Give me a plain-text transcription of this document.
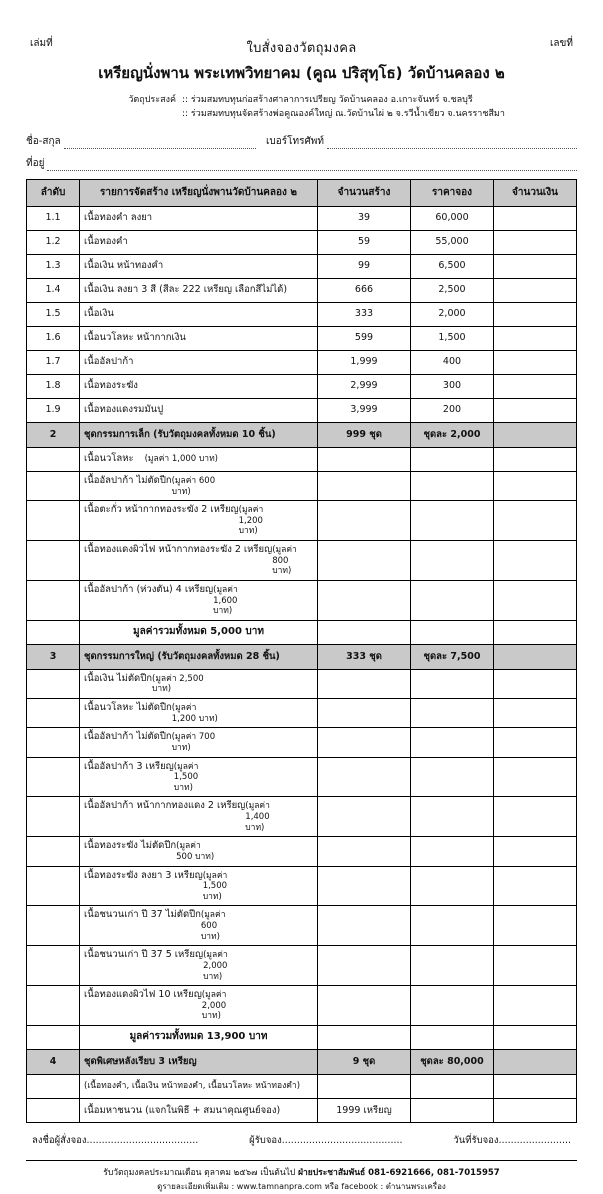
เล่มที่	เลขที่
ใบสั่งจองวัตถุมงคล
เหรียญนั่งพาน พระเทพวิทยาคม (คูณ ปริสุทฺโธ) วัดบ้านคลอง ๒
วัตถุประสงค์ :: ร่วมสมทบทุนก่อสร้างศาลาการเปรียญ วัดบ้านคลอง อ.เกาะจันทร์ จ.ชลบุรี
:: ร่วมสมทบทุนจัดสร้างพ่อคูณองค์ใหญ่ ณ.วัดบ้านไผ่ ๒ จ.รวีน้ำเขียว จ.นครราชสีมา
ชื่อ-สกุล	เบอร์โทรศัพท์
ที่อยู่
ลำดับ	รายการจัดสร้าง เหรียญนั่งพานวัดบ้านคลอง ๒	จำนวนสร้าง	ราคาจอง	จำนวนเงิน
1.1	เนื้อทองคำ ลงยา	39	60,000	
1.2	เนื้อทองคำ	59	55,000	
1.3	เนื้อเงิน หน้าทองคำ	99	6,500	
1.4	เนื้อเงิน ลงยา 3 สี (สีละ 222 เหรียญ เลือกสีไม่ได้)	666	2,500	
1.5	เนื้อเงิน	333	2,000	
1.6	เนื้อนวโลหะ หน้ากากเงิน	599	1,500	
1.7	เนื้ออัลปาก้า	1,999	400	
1.8	เนื้อทองระฆัง	2,999	300	
1.9	เนื้อทองแดงรมมันปู	3,999	200	
2	ชุดกรรมการเล็ก (รับวัตถุมงคลทั้งหมด 10 ชิ้น)	999 ชุด	ชุดละ 2,000	

	เนื้อนวโลหะ (มูลค่า 1,000 บาท)			

	เนื้ออัลปาก้า ไม่ตัดปีก (มูลค่า 600 บาท)			

	เนื้อตะกั่ว หน้ากากทองระฆัง 2 เหรียญ (มูลค่า 1,200 บาท)			

	เนื้อทองแดงผิวไฟ หน้ากากทองระฆัง 2 เหรียญ (มูลค่า 800 บาท)			

	เนื้ออัลปาก้า (ห่วงตัน) 4 เหรียญ (มูลค่า 1,600 บาท)			

	มูลค่ารวมทั้งหมด 5,000 บาท			
3	ชุดกรรมการใหญ่ (รับวัตถุมงคลทั้งหมด 28 ชิ้น)	333 ชุด	ชุดละ 7,500	

	เนื้อเงิน ไม่ตัดปีก (มูลค่า 2,500 บาท)			

	เนื้อนวโลหะ ไม่ตัดปีก (มูลค่า 1,200 บาท)			

	เนื้ออัลปาก้า ไม่ตัดปีก (มูลค่า 700 บาท)			

	เนื้ออัลปาก้า 3 เหรียญ (มูลค่า 1,500 บาท)			

	เนื้ออัลปาก้า หน้ากากทองแดง 2 เหรียญ (มูลค่า 1,400 บาท)			

	เนื้อทองระฆัง ไม่ตัดปีก (มูลค่า 500 บาท)			

	เนื้อทองระฆัง ลงยา 3 เหรียญ (มูลค่า 1,500 บาท)			

	เนื้อชนวนเก่า ปี 37 ไม่ตัดปีก (มูลค่า 600 บาท)			

	เนื้อชนวนเก่า ปี 37 5 เหรียญ (มูลค่า 2,000 บาท)			

	เนื้อทองแดงผิวไฟ 10 เหรียญ (มูลค่า 2,000 บาท)			

	มูลค่ารวมทั้งหมด 13,900 บาท			
4	ชุดพิเศษหลังเรียบ 3 เหรียญ	9 ชุด	ชุดละ 80,000	
	(เนื้อทองคำ, เนื้อเงิน หน้าทองคำ, เนื้อนวโลหะ หน้าทองคำ)			
	เนื้อมหาชนวน (แจกในพิธี + สมนาคุณศูนย์จอง)	1999 เหรียญ		
ลงชื่อผู้สั่งจอง.....................................	ผู้รับจอง........................................	วันที่รับจอง........................
รับวัตถุมงคลประมาณเดือน ตุลาคม ๒๕๖๗ เป็นต้นไป ฝ่ายประชาสัมพันธ์ 081-6921666, 081-7015957
ดูรายละเอียดเพิ่มเติม : www.tamnanpra.com หรือ facebook : ตำนานพระเครื่อง
